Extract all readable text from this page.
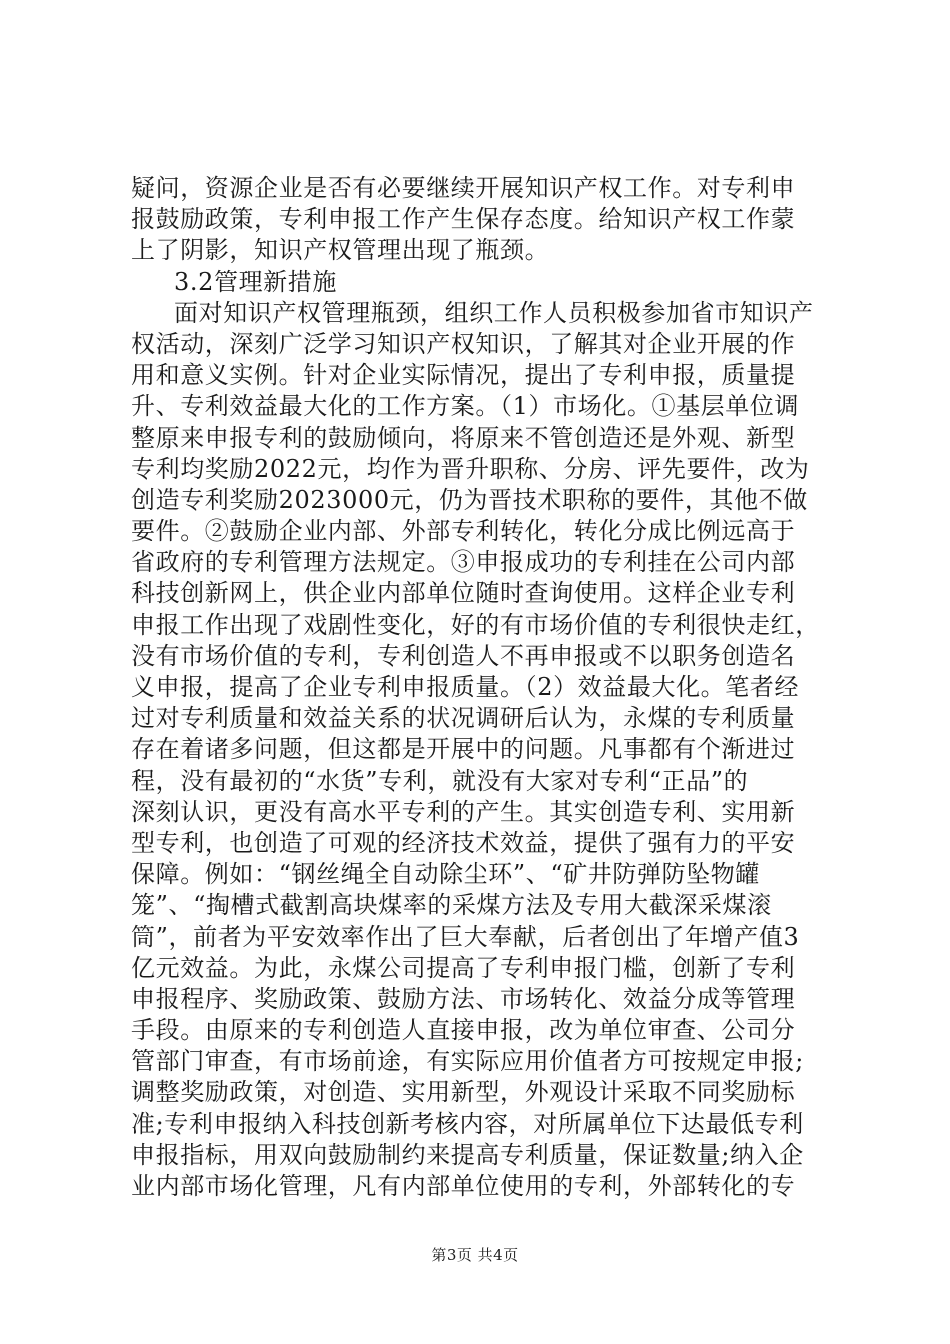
疑问，资源企业是否有必要继续开展知识产权工作。对专利申
报鼓励政策，专利申报工作产生保存态度。给知识产权工作蒙
上了阴影，知识产权管理出现了瓶颈。
3.2管理新措施
面对知识产权管理瓶颈，组织工作人员积极参加省市知识产
权活动，深刻广泛学习知识产权知识，了解其对企业开展的作
用和意义实例。针对企业实际情况，提出了专利申报，质量提
升、专利效益最大化的工作方案。（1）市场化。①基层单位调
整原来申报专利的鼓励倾向，将原来不管创造还是外观、新型
专利均奖励2022元，均作为晋升职称、分房、评先要件，改为
创造专利奖励2023000元，仍为晋技术职称的要件，其他不做
要件。②鼓励企业内部、外部专利转化，转化分成比例远高于
省政府的专利管理方法规定。③申报成功的专利挂在公司内部
科技创新网上，供企业内部单位随时查询使用。这样企业专利
申报工作出现了戏剧性变化，好的有市场价值的专利很快走红，
没有市场价值的专利，专利创造人不再申报或不以职务创造名
义申报，提高了企业专利申报质量。（2）效益最大化。笔者经
过对专利质量和效益关系的状况调研后认为，永煤的专利质量
存在着诸多问题，但这都是开展中的问题。凡事都有个渐进过
程，没有最初的“水货”专利，就没有大家对专利“正品”的
深刻认识，更没有高水平专利的产生。其实创造专利、实用新
型专利，也创造了可观的经济技术效益，提供了强有力的平安
保障。例如：“钢丝绳全自动除尘环”、“矿井防弹防坠物罐
笼”、“掏槽式截割高块煤率的采煤方法及专用大截深采煤滚
筒”，前者为平安效率作出了巨大奉献，后者创出了年增产值3
亿元效益。为此，永煤公司提高了专利申报门槛，创新了专利
申报程序、奖励政策、鼓励方法、市场转化、效益分成等管理
手段。由原来的专利创造人直接申报，改为单位审查、公司分
管部门审查，有市场前途，有实际应用价值者方可按规定申报;
调整奖励政策，对创造、实用新型，外观设计采取不同奖励标
准;专利申报纳入科技创新考核内容，对所属单位下达最低专利
申报指标，用双向鼓励制约来提高专利质量，保证数量;纳入企
业内部市场化管理，凡有内部单位使用的专利，外部转化的专
第3页 共4页
